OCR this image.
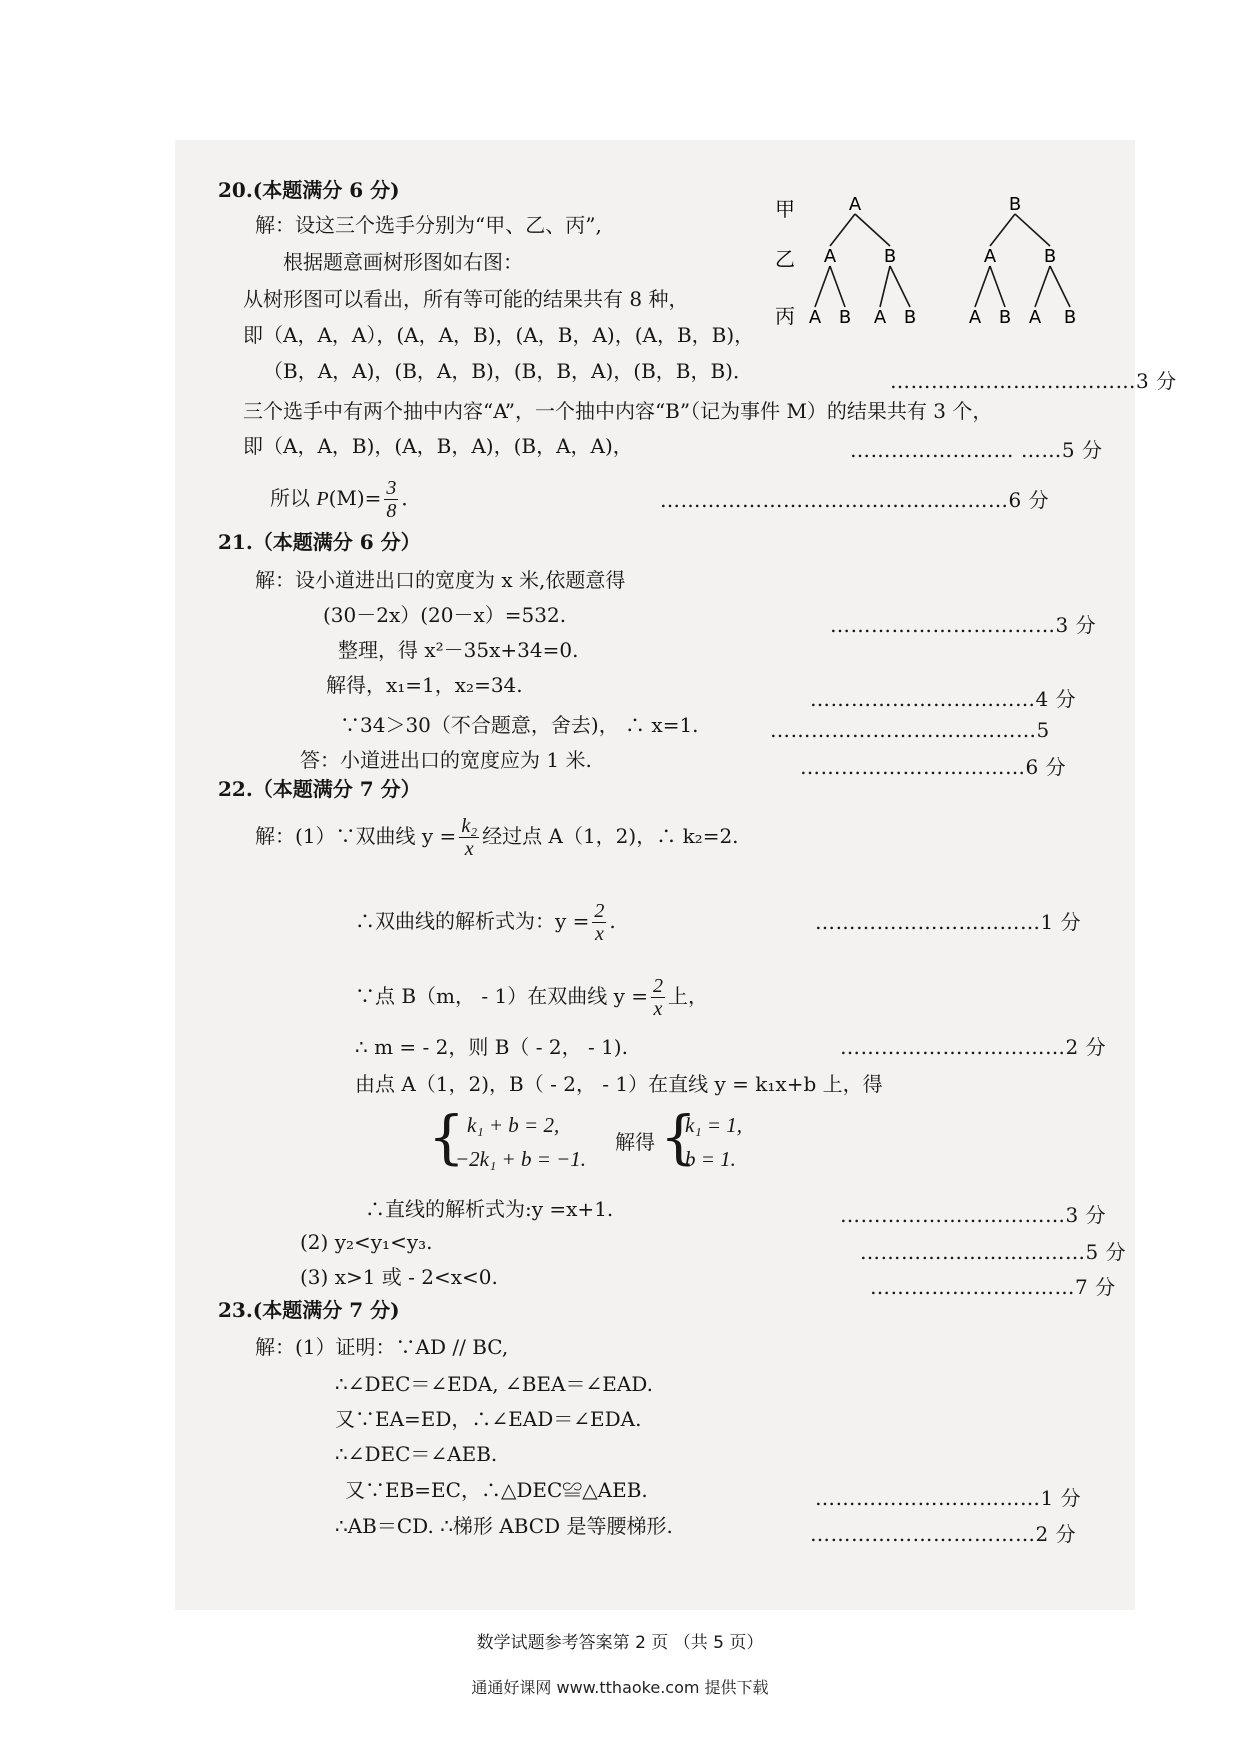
20.(本题满分 6 分)
解：设这三个选手分别为“甲、乙、丙”,
根据题意画树形图如右图：
从树形图可以看出，所有等可能的结果共有 8 种，
即（A，A，A），(A，A，B)，(A，B，A)，(A，B，B)，
（B，A，A)，(B，A，B)，(B，B，A)，(B，B，B)．	………………………………3 分
三个选手中有两个抽中内容“A”，一个抽中内容“B”（记为事件 M）的结果共有 3 个，
即（A，A，B)，(A，B，A)，(B，A，A)，	…………………… ……5 分
所以 $P(M)= \frac{3}{8}$ ．	……………………………………………6 分
甲
乙
丙
A	B
A	B	A	B
A B A B	A B A B
21.（本题满分 6 分）
解：设小道进出口的宽度为 x 米,依题意得
(30－2x）(20－x）=532.	……………………………3 分
整理，得 x²－35x+34=0.
解得，x₁=1，x₂=34.
……………………………4 分
∵34＞30（不合题意，舍去)， ∴ x=1.	…………………………………5
答：小道进出口的宽度应为 1 米.	……………………………6 分
22.（本题满分 7 分）
解：(1）∵双曲线 $y = \frac{\text{k₂}}{x}$ 经过点 A（1，2)，∴ k₂=2.
∴双曲线的解析式为：$y = \frac{2}{x}$ .	……………………………1 分
∵点 B（m， - 1）在双曲线 $y = \frac{2}{x}$ 上，
∴ m = - 2，则 B（ - 2， - 1).	……………………………2 分
由点 A（1，2)，B（ - 2， - 1）在直线 y = k₁x+b 上，得
{ k₁ + b = 2,
−2k₁ + b = −1.
解得 {
k₁ = 1,
b = 1.
∴直线的解析式为:y =x+1.	……………………………3 分
(2) y₂<y₁<y₃.	……………………………5 分
(3) x>1 或 - 2<x<0.	…………………………7 分
23.(本题满分 7 分)
解：(1）证明：∵AD // BC,
∴∠DEC＝∠EDA, ∠BEA＝∠EAD.
又∵EA=ED，∴∠EAD＝∠EDA.
∴∠DEC＝∠AEB.
又∵EB=EC，∴△DEC≌△AEB.	……………………………1 分
∴AB＝CD. ∴梯形 ABCD 是等腰梯形.	……………………………2 分
数学试题参考答案第 2 页 （共 5 页）
通通好课网 www.tthaoke.com 提供下载
